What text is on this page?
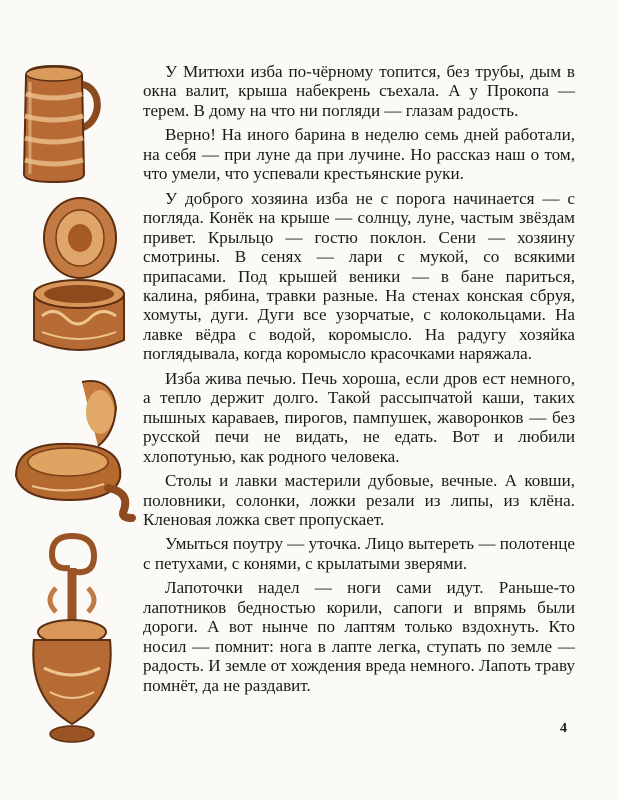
У Митюхи изба по-чёрному топится, без трубы, дым в окна валит, крыша набекрень съехала. А у Прокопа — терем. В дому на что ни погляди — глазам радость.

Верно! На иного барина в неделю семь дней работали, на себя — при луне да при лучине. Но рассказ наш о том, что умели, что успевали крестьянские руки.

У доброго хозяина изба не с порога начинается — с погляда. Конёк на крыше — солнцу, луне, частым звёздам привет. Крыльцо — гостю поклон. Сени — хозяину смотрины. В сенях — лари с мукой, со всякими припасами. Под крышей веники — в бане париться, калина, рябина, травки разные. На стенах конская сбруя, хомуты, дуги. Дуги все узорчатые, с колокольцами. На лавке вёдра с водой, коромысло. На радугу хозяйка поглядывала, когда коромысло красочками наряжала.

Изба жива печью. Печь хороша, если дров ест немного, а тепло держит долго. Такой рассыпчатой каши, таких пышных караваев, пирогов, пампушек, жаворонков — без русской печи не видать, не едать. Вот и любили хлопотунью, как родного человека.

Столы и лавки мастерили дубовые, вечные. А ковши, половники, солонки, ложки резали из липы, из клёна. Кленовая ложка свет пропускает.

Умыться поутру — уточка. Лицо вытереть — полотенце с петухами, с конями, с крылатыми зверями.

Лапоточки надел — ноги сами идут. Раньше-то лапотников бедностью корили, сапоги и впрямь были дороги. А вот нынче по лаптям только вздохнуть. Кто носил — помнит: нога в лапте легка, ступать по земле — радость. И земле от хождения вреда немного. Лапоть траву помнёт, да не раздавит.

4
